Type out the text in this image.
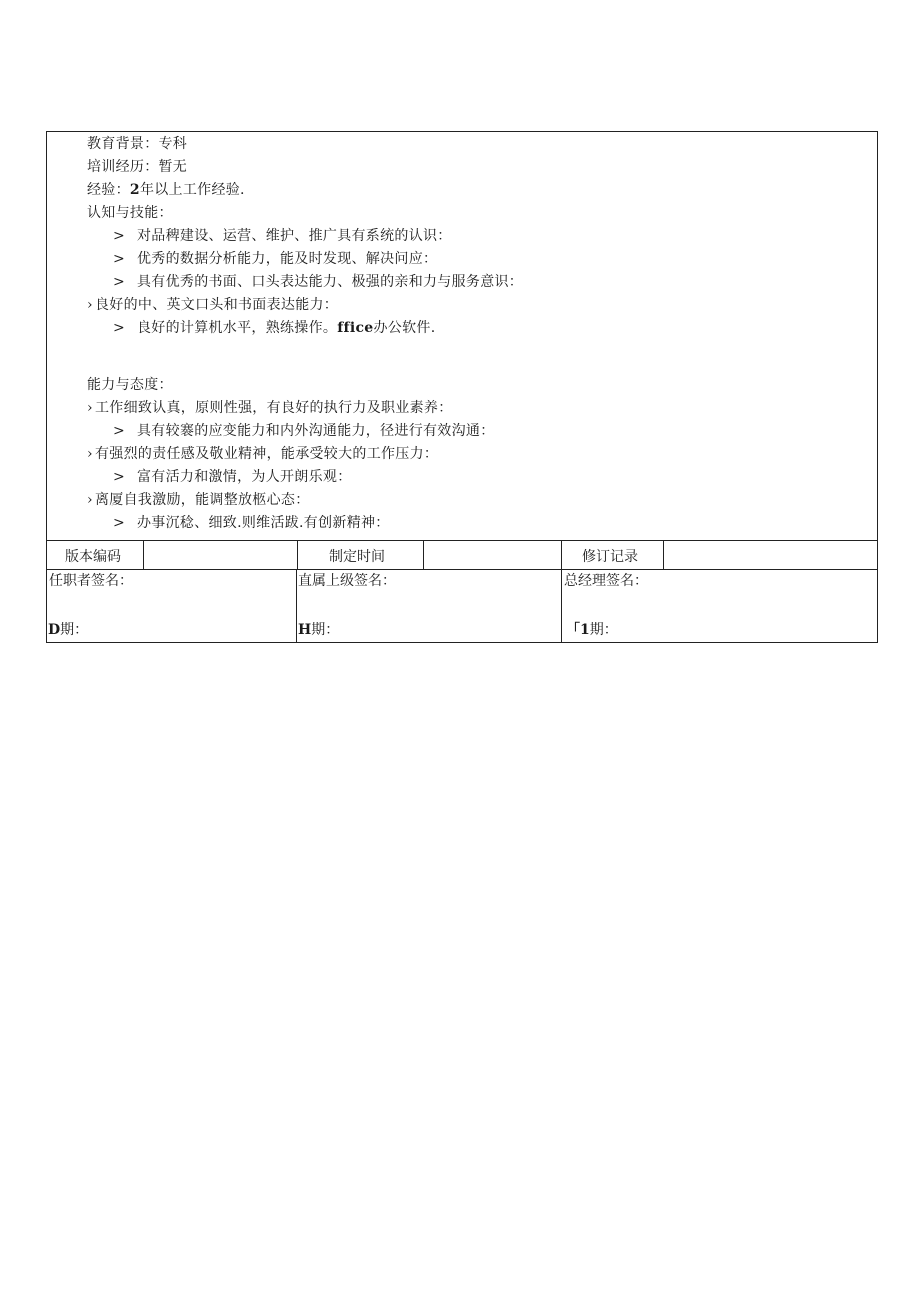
教育背景：专科
培训经历：暂无
经验：2年以上工作经验.
认知与技能：
> 对品稗建设、运营、维护、推广具有系统的认识：
> 优秀的数据分析能力，能及时发现、解决问应：
> 具有优秀的书面、口头表达能力、极强的亲和力与服务意识：
› 良好的中、英文口头和书面表达能力：
> 良好的计算机水平，熟练操作。ffice办公软件.
能力与态度：
› 工作细致认真，原则性强，有良好的执行力及职业素养：
> 具有较褰的应变能力和内外沟通能力，径进行有效沟通：
› 有强烈的责任感及敬业精神，能承受较大的工作压力：
> 富有活力和激情，为人开朗乐观：
› 离厦自我激励，能调整放柩心态：
> 办事沉稔、细致.则维活跋.有创新精神：
版本编码	制定时间	修订记录
任职者签名：
D期：
直属上级签名：
H期：
总经理签名：
「1期：
